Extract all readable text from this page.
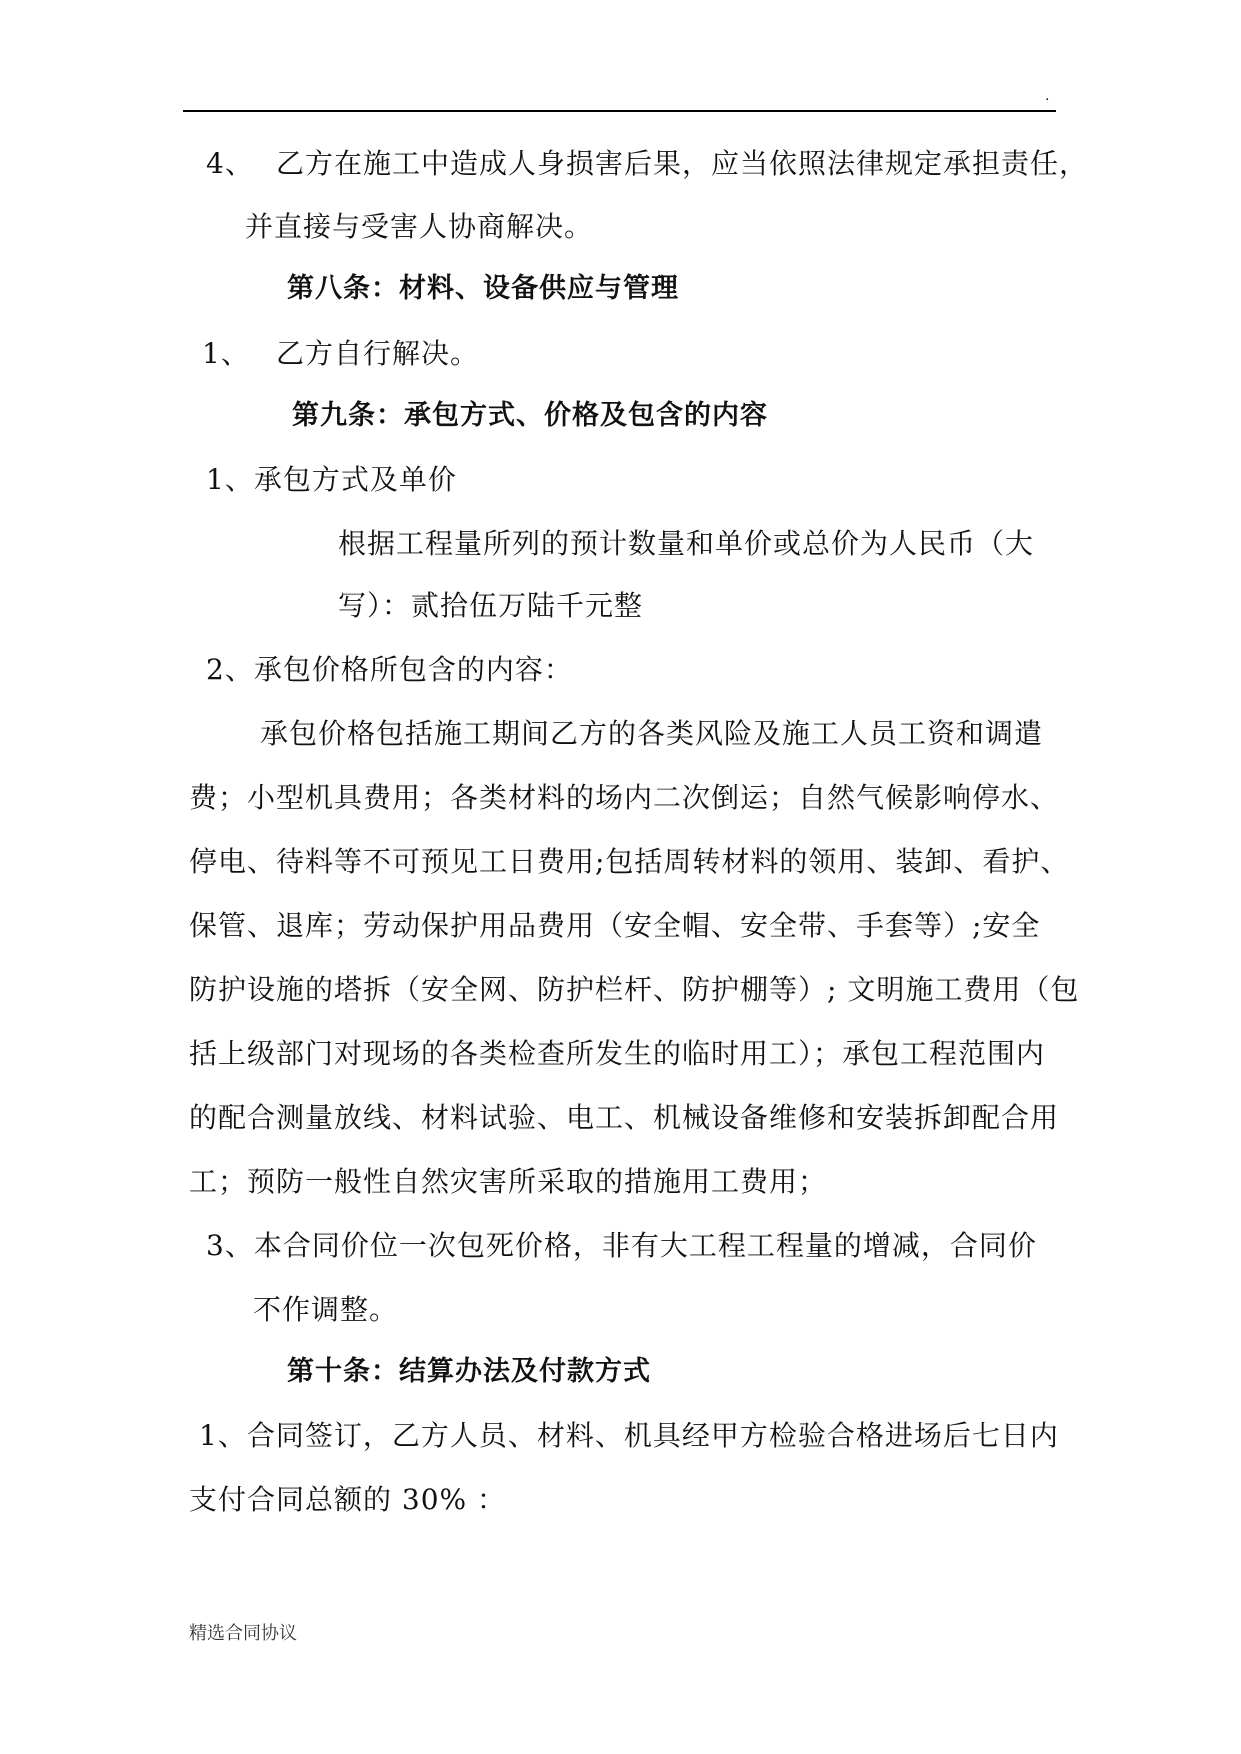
.
4、 乙方在施工中造成人身损害后果，应当依照法律规定承担责任，
并直接与受害人协商解决。
第八条：材料、设备供应与管理
1、 乙方自行解决。
第九条：承包方式、价格及包含的内容
1、承包方式及单价
根据工程量所列的预计数量和单价或总价为人民币（大
写）：贰拾伍万陆千元整
2、承包价格所包含的内容：
承包价格包括施工期间乙方的各类风险及施工人员工资和调遣
费；小型机具费用；各类材料的场内二次倒运；自然气候影响停水、
停电、待料等不可预见工日费用;包括周转材料的领用、装卸、看护、
保管、退库；劳动保护用品费用（安全帽、安全带、手套等）;安全
防护设施的塔拆（安全网、防护栏杆、防护棚等）; 文明施工费用（包
括上级部门对现场的各类检查所发生的临时用工）；承包工程范围内
的配合测量放线、材料试验、电工、机械设备维修和安装拆卸配合用
工；预防一般性自然灾害所采取的措施用工费用；
3、本合同价位一次包死价格，非有大工程工程量的增减，合同价
不作调整。
第十条：结算办法及付款方式
1、合同签订，乙方人员、材料、机具经甲方检验合格进场后七日内
支付合同总额的 30% ：
精选合同协议
